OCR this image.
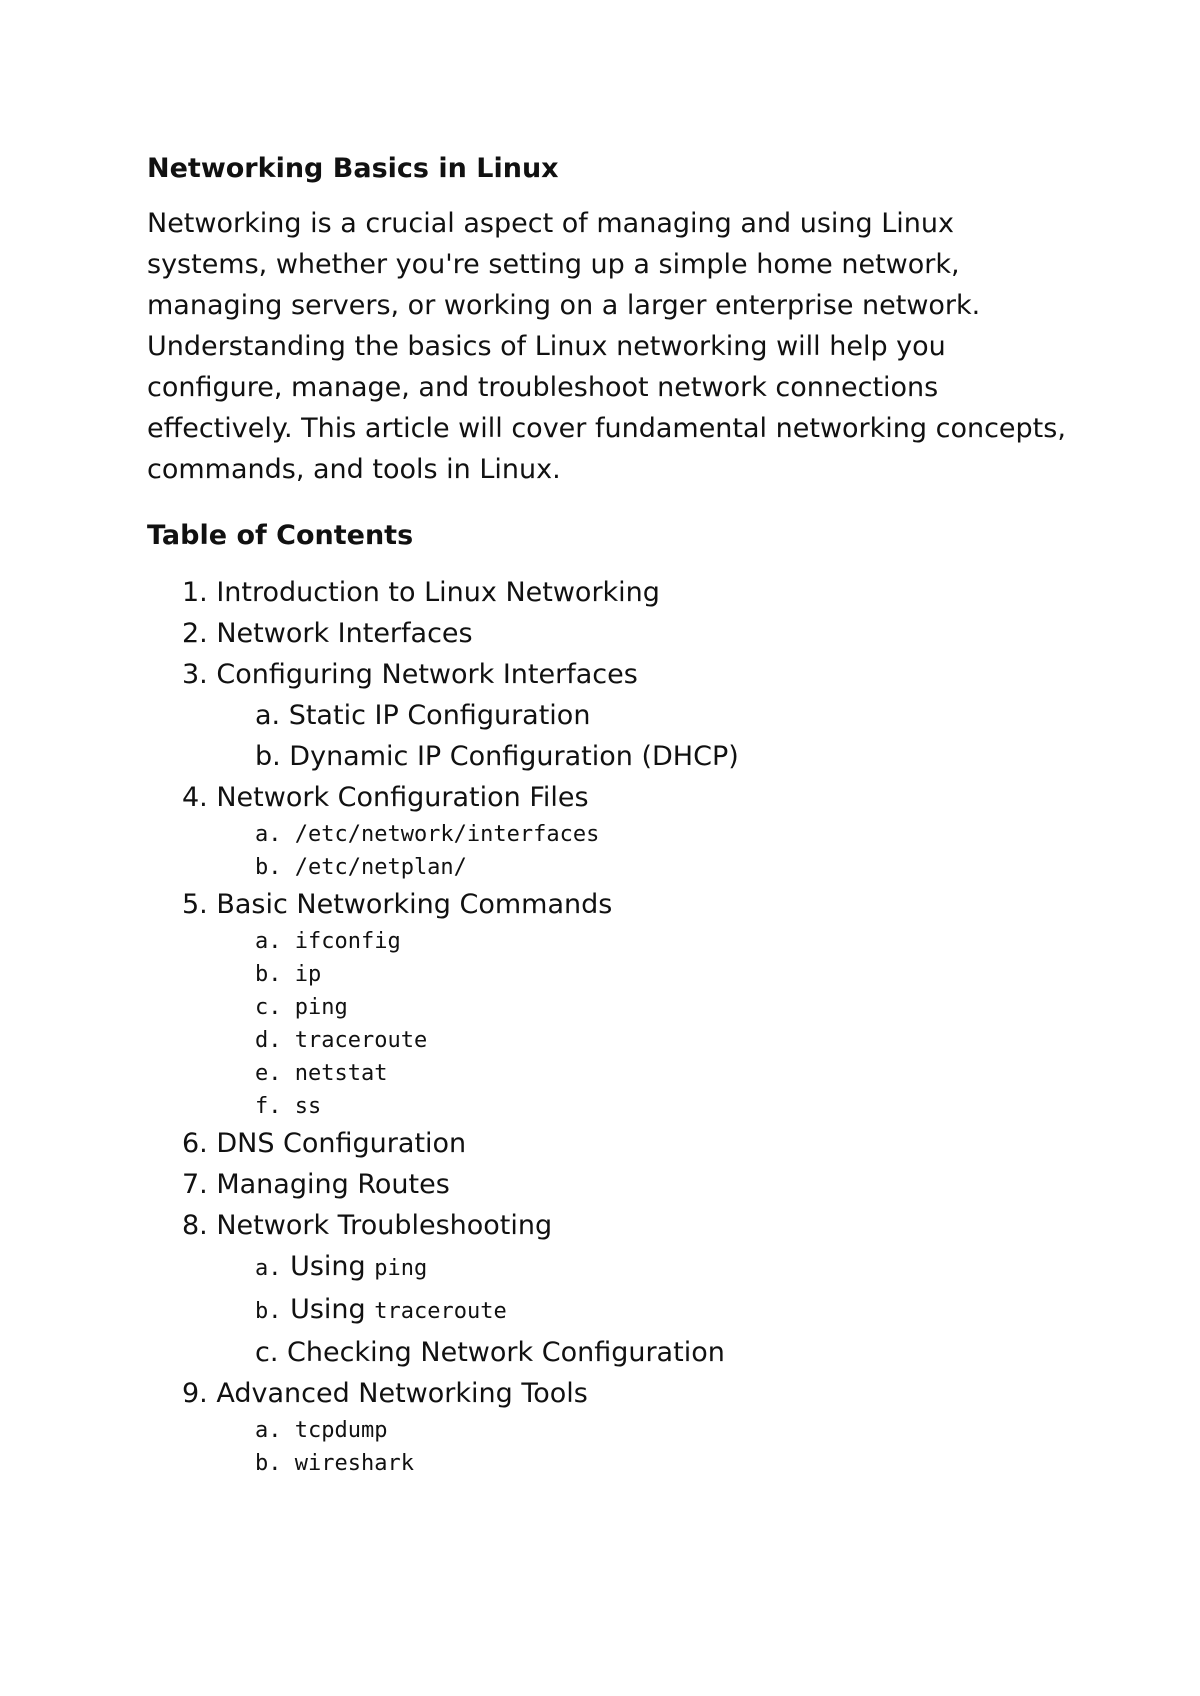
Networking Basics in Linux

Networking is a crucial aspect of managing and using Linux systems, whether you're setting up a simple home network, managing servers, or working on a larger enterprise network. Understanding the basics of Linux networking will help you configure, manage, and troubleshoot network connections effectively. This article will cover fundamental networking concepts, commands, and tools in Linux.

Table of Contents
1. Introduction to Linux Networking
2. Network Interfaces
3. Configuring Network Interfaces
a. Static IP Configuration
b. Dynamic IP Configuration (DHCP)
4. Network Configuration Files
a. /etc/network/interfaces
b. /etc/netplan/
5. Basic Networking Commands
a. ifconfig
b. ip
c. ping
d. traceroute
e. netstat
f. ss
6. DNS Configuration
7. Managing Routes
8. Network Troubleshooting
a. Using ping
b. Using traceroute
c. Checking Network Configuration
9. Advanced Networking Tools
a. tcpdump
b. wireshark
